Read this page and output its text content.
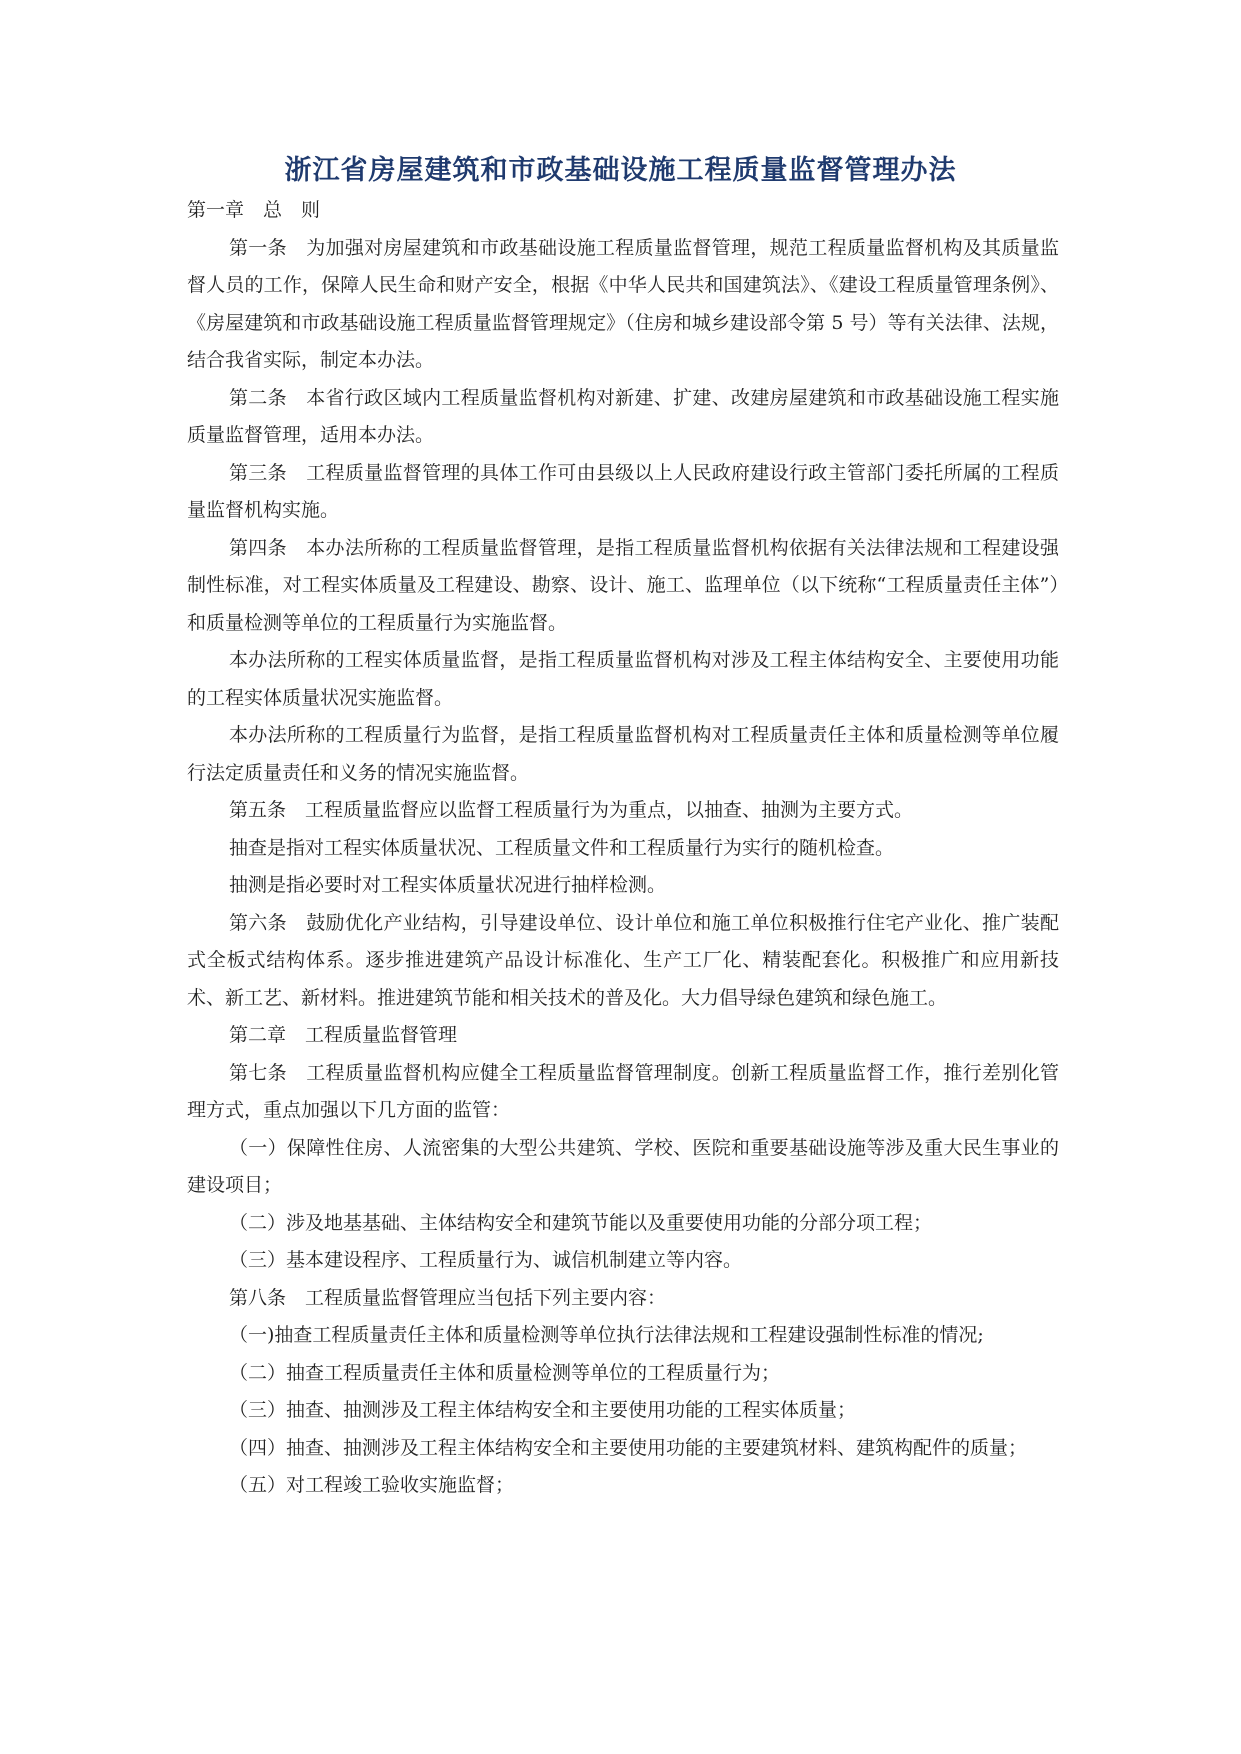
浙江省房屋建筑和市政基础设施工程质量监督管理办法

第一章　总　则

第一条　为加强对房屋建筑和市政基础设施工程质量监督管理，规范工程质量监督机构及其质量监督人员的工作，保障人民生命和财产安全，根据《中华人民共和国建筑法》、《建设工程质量管理条例》、《房屋建筑和市政基础设施工程质量监督管理规定》（住房和城乡建设部令第 5 号）等有关法律、法规，结合我省实际，制定本办法。

第二条　本省行政区域内工程质量监督机构对新建、扩建、改建房屋建筑和市政基础设施工程实施质量监督管理，适用本办法。

第三条　工程质量监督管理的具体工作可由县级以上人民政府建设行政主管部门委托所属的工程质量监督机构实施。

第四条　本办法所称的工程质量监督管理，是指工程质量监督机构依据有关法律法规和工程建设强制性标准，对工程实体质量及工程建设、勘察、设计、施工、监理单位（以下统称“工程质量责任主体”）和质量检测等单位的工程质量行为实施监督。

本办法所称的工程实体质量监督，是指工程质量监督机构对涉及工程主体结构安全、主要使用功能的工程实体质量状况实施监督。

本办法所称的工程质量行为监督，是指工程质量监督机构对工程质量责任主体和质量检测等单位履行法定质量责任和义务的情况实施监督。

第五条　工程质量监督应以监督工程质量行为为重点，以抽查、抽测为主要方式。

抽查是指对工程实体质量状况、工程质量文件和工程质量行为实行的随机检查。

抽测是指必要时对工程实体质量状况进行抽样检测。

第六条　鼓励优化产业结构，引导建设单位、设计单位和施工单位积极推行住宅产业化、推广装配式全板式结构体系。逐步推进建筑产品设计标准化、生产工厂化、精装配套化。积极推广和应用新技术、新工艺、新材料。推进建筑节能和相关技术的普及化。大力倡导绿色建筑和绿色施工。

第二章　工程质量监督管理

第七条　工程质量监督机构应健全工程质量监督管理制度。创新工程质量监督工作，推行差别化管理方式，重点加强以下几方面的监管：

（一）保障性住房、人流密集的大型公共建筑、学校、医院和重要基础设施等涉及重大民生事业的建设项目；

（二）涉及地基基础、主体结构安全和建筑节能以及重要使用功能的分部分项工程；

（三）基本建设程序、工程质量行为、诚信机制建立等内容。

第八条　工程质量监督管理应当包括下列主要内容：

（一)抽查工程质量责任主体和质量检测等单位执行法律法规和工程建设强制性标准的情况;

（二）抽查工程质量责任主体和质量检测等单位的工程质量行为；

（三）抽查、抽测涉及工程主体结构安全和主要使用功能的工程实体质量；

（四）抽查、抽测涉及工程主体结构安全和主要使用功能的主要建筑材料、建筑构配件的质量；

（五）对工程竣工验收实施监督；
